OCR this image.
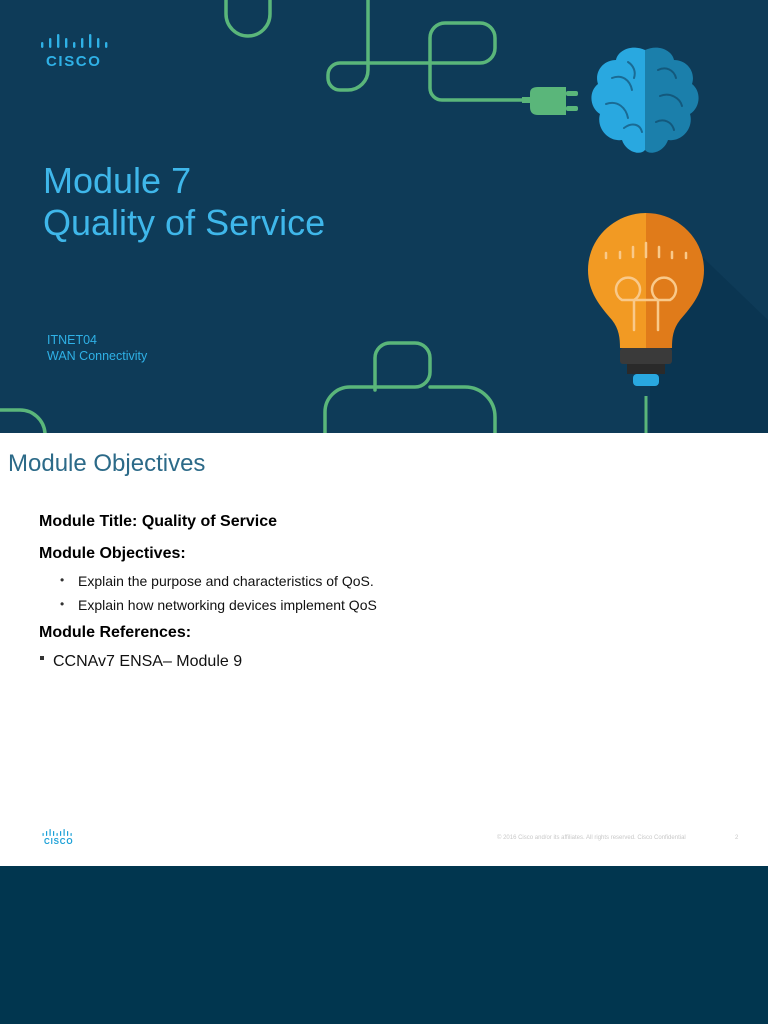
CISCO
Module 7
Quality of Service
ITNET04
WAN Connectivity
Module Objectives
Module Title: Quality of Service
Module Objectives:
• Explain the purpose and characteristics of QoS.
• Explain how networking devices implement QoS
Module References:
CCNAv7 ENSA– Module 9
CISCO	© 2016 Cisco and/or its affiliates. All rights reserved. Cisco Confidential	2
